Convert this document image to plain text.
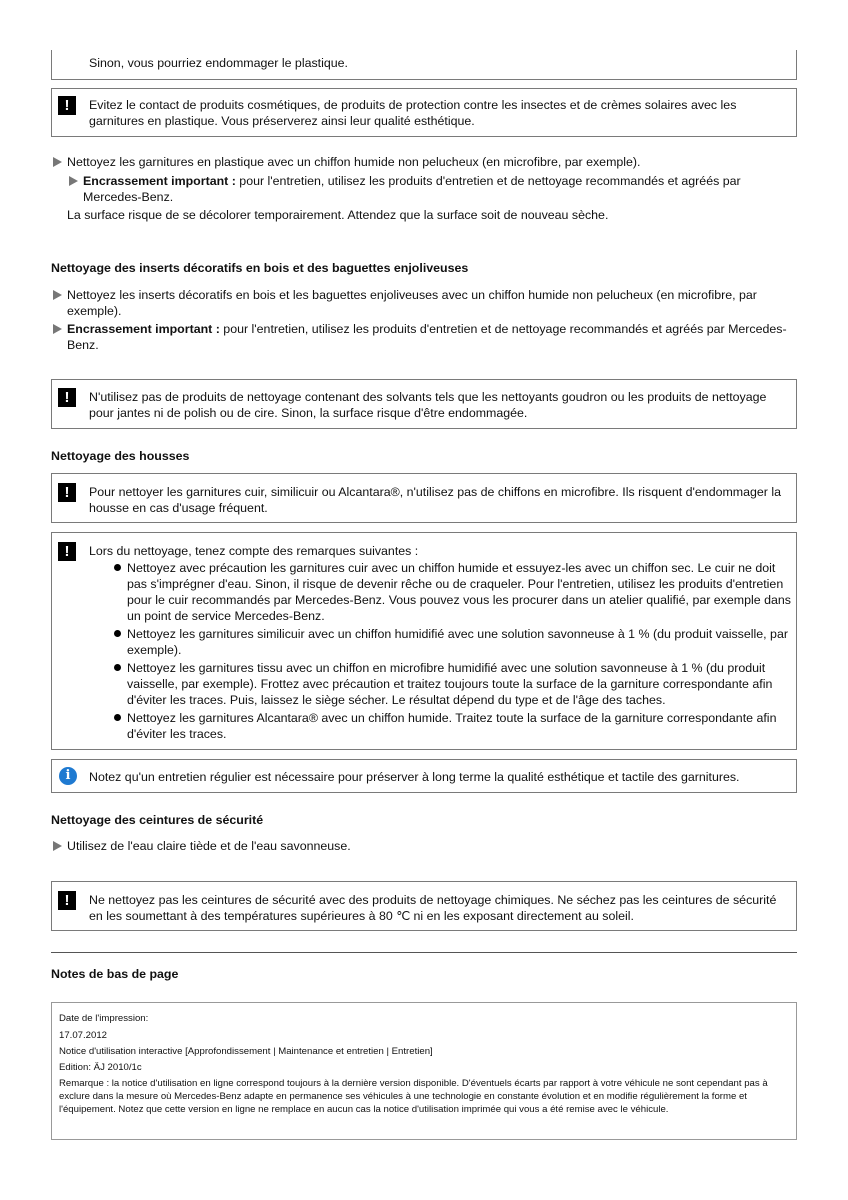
Sinon, vous pourriez endommager le plastique.
!	Evitez le contact de produits cosmétiques, de produits de protection contre les insectes et de crèmes solaires avec les garnitures en plastique. Vous préserverez ainsi leur qualité esthétique.
Nettoyez les garnitures en plastique avec un chiffon humide non pelucheux (en microfibre, par exemple).
Encrassement important : pour l'entretien, utilisez les produits d'entretien et de nettoyage recommandés et agréés par Mercedes-Benz.
La surface risque de se décolorer temporairement. Attendez que la surface soit de nouveau sèche.
Nettoyage des inserts décoratifs en bois et des baguettes enjoliveuses
Nettoyez les inserts décoratifs en bois et les baguettes enjoliveuses avec un chiffon humide non pelucheux (en microfibre, par exemple).
Encrassement important : pour l'entretien, utilisez les produits d'entretien et de nettoyage recommandés et agréés par Mercedes-Benz.
!	N'utilisez pas de produits de nettoyage contenant des solvants tels que les nettoyants goudron ou les produits de nettoyage pour jantes ni de polish ou de cire. Sinon, la surface risque d'être endommagée.
Nettoyage des housses
!	Pour nettoyer les garnitures cuir, similicuir ou Alcantara®, n'utilisez pas de chiffons en microfibre. Ils risquent d'endommager la housse en cas d'usage fréquent.
!	Lors du nettoyage, tenez compte des remarques suivantes :
Nettoyez avec précaution les garnitures cuir avec un chiffon humide et essuyez-les avec un chiffon sec. Le cuir ne doit pas s'imprégner d'eau. Sinon, il risque de devenir rêche ou de craqueler. Pour l'entretien, utilisez les produits d'entretien pour le cuir recommandés par Mercedes-Benz. Vous pouvez vous les procurer dans un atelier qualifié, par exemple dans un point de service Mercedes-Benz.
Nettoyez les garnitures similicuir avec un chiffon humidifié avec une solution savonneuse à 1 % (du produit vaisselle, par exemple).
Nettoyez les garnitures tissu avec un chiffon en microfibre humidifié avec une solution savonneuse à 1 % (du produit vaisselle, par exemple). Frottez avec précaution et traitez toujours toute la surface de la garniture correspondante afin d'éviter les traces. Puis, laissez le siège sécher. Le résultat dépend du type et de l'âge des taches.
Nettoyez les garnitures Alcantara® avec un chiffon humide. Traitez toute la surface de la garniture correspondante afin d'éviter les traces.
i	Notez qu'un entretien régulier est nécessaire pour préserver à long terme la qualité esthétique et tactile des garnitures.
Nettoyage des ceintures de sécurité
Utilisez de l'eau claire tiède et de l'eau savonneuse.
!	Ne nettoyez pas les ceintures de sécurité avec des produits de nettoyage chimiques. Ne séchez pas les ceintures de sécurité en les soumettant à des températures supérieures à 80 ℃ ni en les exposant directement au soleil.
Notes de bas de page
Date de l'impression:
17.07.2012
Notice d'utilisation interactive [Approfondissement | Maintenance et entretien | Entretien]
Edition: ÄJ 2010/1c
Remarque : la notice d'utilisation en ligne correspond toujours à la dernière version disponible. D'éventuels écarts par rapport à votre véhicule ne sont cependant pas à exclure dans la mesure où Mercedes-Benz adapte en permanence ses véhicules à une technologie en constante évolution et en modifie régulièrement la forme et l'équipement. Notez que cette version en ligne ne remplace en aucun cas la notice d'utilisation imprimée qui vous a été remise avec le véhicule.
